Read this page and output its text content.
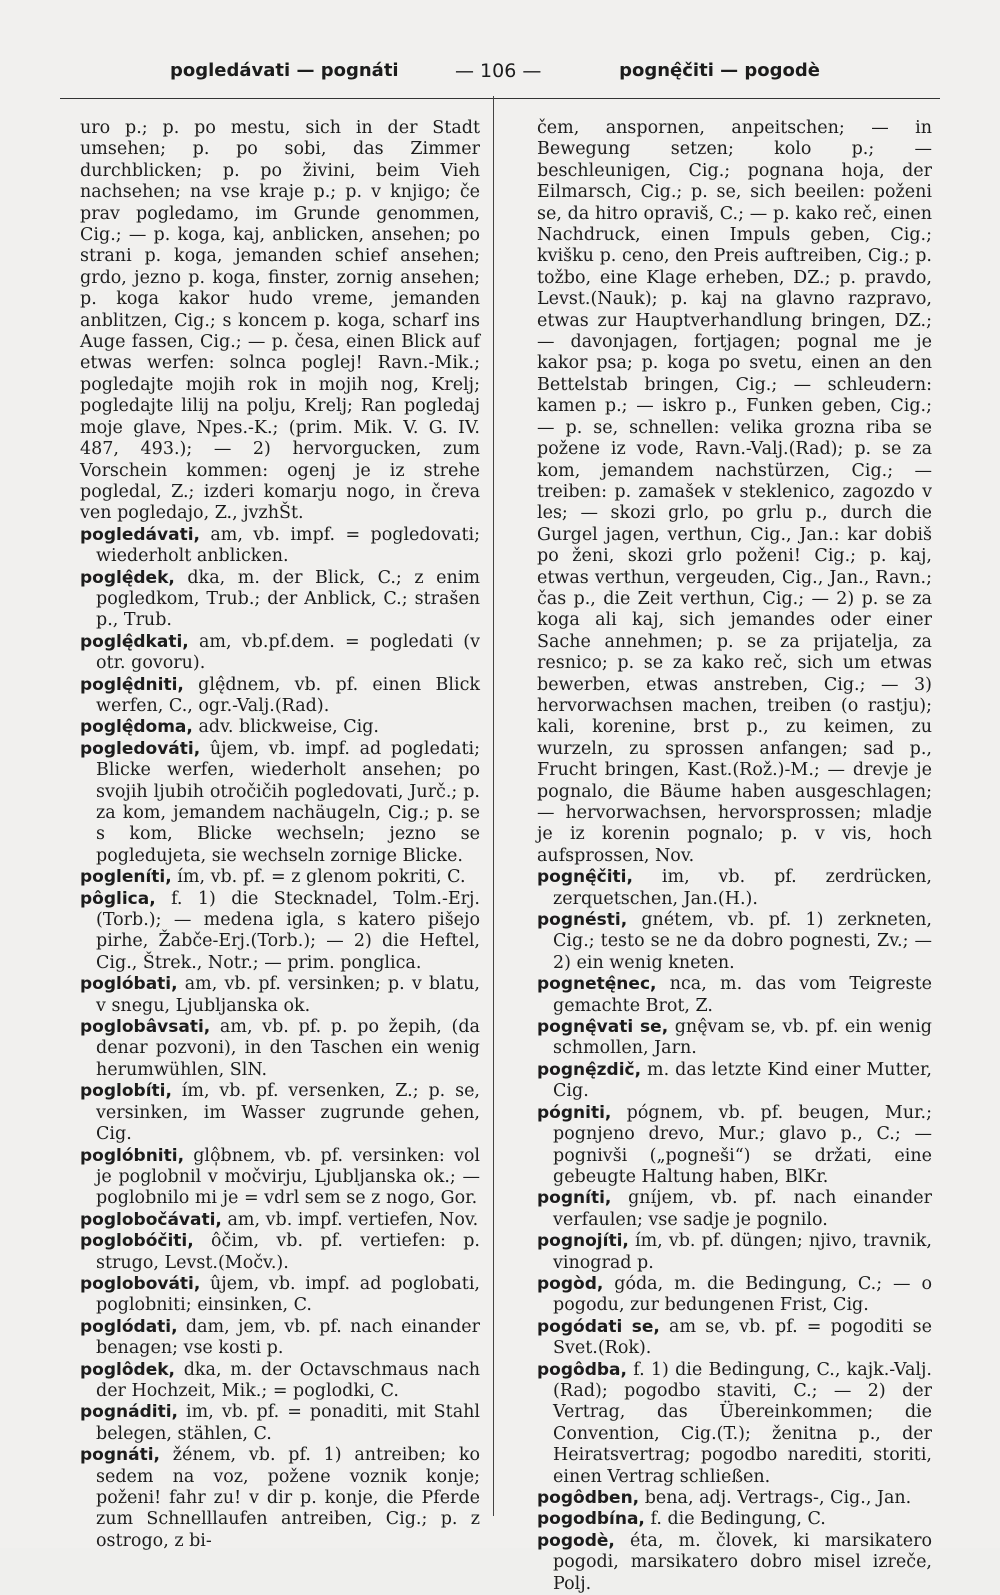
pogledávati — pognáti	— 106 —	pognę̂čiti — pogodè

uro p.; p. po mestu, sich in der Stadt umsehen; p. po sobi, das Zimmer durchblicken; p. po živini, beim Vieh nachsehen; na vse kraje p.; p. v knjigo; če prav pogledamo, im Grunde genommen, Cig.; — p. koga, kaj, anblicken, ansehen; po strani p. koga, jemanden schief ansehen; grdo, jezno p. koga, finster, zornig ansehen; p. koga kakor hudo vreme, jemanden anblitzen, Cig.; s koncem p. koga, scharf ins Auge fassen, Cig.; — p. česa, einen Blick auf etwas werfen: solnca poglej! Ravn.-Mik.; pogledajte mojih rok in mojih nog, Krelj; pogledajte lilij na polju, Krelj; Ran pogledaj moje glave, Npes.-K.; (prim. Mik. V. G. IV. 487, 493.); — 2) hervorgucken, zum Vorschein kommen: ogenj je iz strehe pogledal, Z.; izderi komarju nogo, in čreva ven pogledajo, Z., jvzhŠt.

pogledávati, am, vb. impf. = pogledovati; wiederholt anblicken.

poglę̂dek, dka, m. der Blick, C.; z enim pogledkom, Trub.; der Anblick, C.; strašen p., Trub.

poglę̂dkati, am, vb.pf.dem. = pogledati (v otr. govoru).

poglę̂dniti, glę̂dnem, vb. pf. einen Blick werfen, C., ogr.-Valj.(Rad).

poglę̂doma, adv. blickweise, Cig.

pogledováti, ûjem, vb. impf. ad pogledati; Blicke werfen, wiederholt ansehen; po svojih ljubih otročičih pogledovati, Jurč.; p. za kom, jemandem nachäugeln, Cig.; p. se s kom, Blicke wechseln; jezno se pogledujeta, sie wechseln zornige Blicke.

pogleníti, ím, vb. pf. = z glenom pokriti, C.

pôglica, f. 1) die Stecknadel, Tolm.-Erj.(Torb.); — medena igla, s katero pišejo pirhe, Žabče-Erj.(Torb.); — 2) die Heftel, Cig., Štrek., Notr.; — prim. ponglica.

poglóbati, am, vb. pf. versinken; p. v blatu, v snegu, Ljubljanska ok.

poglobâvsati, am, vb. pf. p. po žepih, (da denar pozvoni), in den Taschen ein wenig herumwühlen, SlN.

poglobíti, ím, vb. pf. versenken, Z.; p. se, versinken, im Wasser zugrunde gehen, Cig.

poglóbniti, glô̩bnem, vb. pf. versinken: vol je poglobnil v močvirju, Ljubljanska ok.; — poglobnilo mi je = vdrl sem se z nogo, Gor.

poglobočávati, am, vb. impf. vertiefen, Nov.

poglobóčiti, ôčim, vb. pf. vertiefen: p. strugo, Levst.(Močv.).

poglobováti, ûjem, vb. impf. ad poglobati, poglobniti; einsinken, C.

poglódati, dam, jem, vb. pf. nach einander benagen; vse kosti p.

poglôdek, dka, m. der Octavschmaus nach der Hochzeit, Mik.; = poglodki, C.

pognáditi, im, vb. pf. = ponaditi, mit Stahl belegen, stählen, C.

pognáti, žénem, vb. pf. 1) antreiben; ko sedem na voz, požene voznik konje; poženi! fahr zu! v dir p. konje, die Pferde zum Schnelllaufen antreiben, Cig.; p. z ostrogo, z bi-

čem, anspornen, anpeitschen; — in Bewegung setzen; kolo p.; — beschleunigen, Cig.; pognana hoja, der Eilmarsch, Cig.; p. se, sich beeilen: poženi se, da hitro opraviš, C.; — p. kako reč, einen Nachdruck, einen Impuls geben, Cig.; kvišku p. ceno, den Preis auftreiben, Cig.; p. tožbo, eine Klage erheben, DZ.; p. pravdo, Levst.(Nauk); p. kaj na glavno razpravo, etwas zur Hauptverhandlung bringen, DZ.; — davonjagen, fortjagen; pognal me je kakor psa; p. koga po svetu, einen an den Bettelstab bringen, Cig.; — schleudern: kamen p.; — iskro p., Funken geben, Cig.; — p. se, schnellen: velika grozna riba se požene iz vode, Ravn.-Valj.(Rad); p. se za kom, jemandem nachstürzen, Cig.; — treiben: p. zamašek v steklenico, zagozdo v les; — skozi grlo, po grlu p., durch die Gurgel jagen, verthun, Cig., Jan.: kar dobiš po ženi, skozi grlo poženi! Cig.; p. kaj, etwas verthun, vergeuden, Cig., Jan., Ravn.; čas p., die Zeit verthun, Cig.; — 2) p. se za koga ali kaj, sich jemandes oder einer Sache annehmen; p. se za prijatelja, za resnico; p. se za kako reč, sich um etwas bewerben, etwas anstreben, Cig.; — 3) hervorwachsen machen, treiben (o rastju); kali, korenine, brst p., zu keimen, zu wurzeln, zu sprossen anfangen; sad p., Frucht bringen, Kast.(Rož.)-M.; — drevje je pognalo, die Bäume haben ausgeschlagen; — hervorwachsen, hervorsprossen; mladje je iz korenin pognalo; p. v vis, hoch aufsprossen, Nov.

pognę̂čiti, im, vb. pf. zerdrücken, zerquetschen, Jan.(H.).

pognésti, gnétem, vb. pf. 1) zerkneten, Cig.; testo se ne da dobro pognesti, Zv.; — 2) ein wenig kneten.

pognetę̂nec, nca, m. das vom Teigreste gemachte Brot, Z.

pognę̂vati se, gnę̂vam se, vb. pf. ein wenig schmollen, Jarn.

pognę̂zdič, m. das letzte Kind einer Mutter, Cig.

pógniti, pógnem, vb. pf. beugen, Mur.; pognjeno drevo, Mur.; glavo p., C.; — pognivši („pogneši“) se držati, eine gebeugte Haltung haben, BlKr.

pogníti, gníjem, vb. pf. nach einander verfaulen; vse sadje je pognilo.

pognojíti, ím, vb. pf. düngen; njivo, travnik, vinograd p.

pogòd, góda, m. die Bedingung, C.; — o pogodu, zur bedungenen Frist, Cig.

pogódati se, am se, vb. pf. = pogoditi se Svet.(Rok).

pogôdba, f. 1) die Bedingung, C., kajk.-Valj.(Rad); pogodbo staviti, C.; — 2) der Vertrag, das Übereinkommen; die Convention, Cig.(T.); ženitna p., der Heiratsvertrag; pogodbo narediti, storiti, einen Vertrag schließen.

pogôdben, bena, adj. Vertrags-, Cig., Jan.

pogodbína, f. die Bedingung, C.

pogodè, éta, m. človek, ki marsikatero pogodi, marsikatero dobro misel izreče, Polj.
